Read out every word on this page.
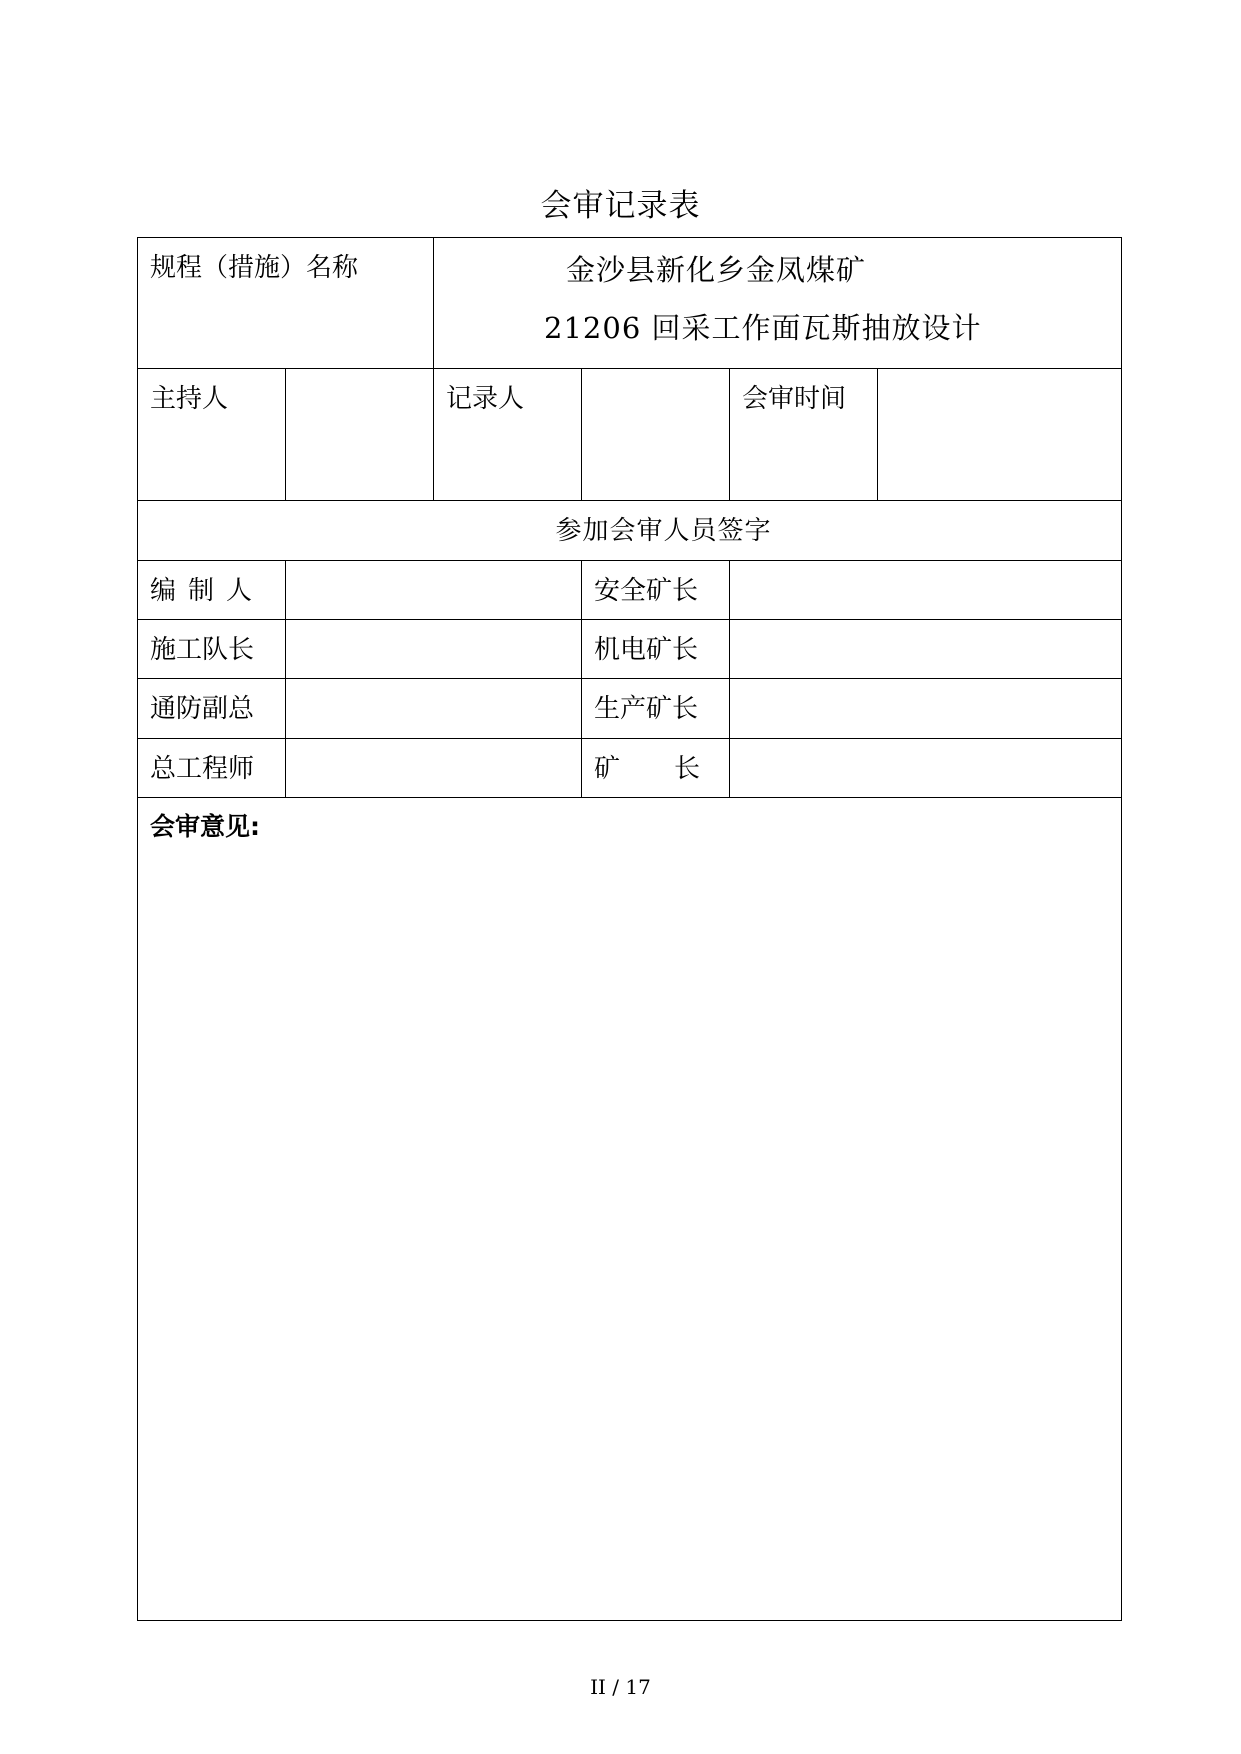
会审记录表
规程（措施）名称		金沙县新化乡金凤煤矿
21206 回采工作面瓦斯抽放设计			

主持人		记录人		会审时间	

参加会审人员签字					

编制人			安全矿长		

施工队长			机电矿长		

通防副总			生产矿长		

总工程师			矿 长		

会审意见:					
II / 17
